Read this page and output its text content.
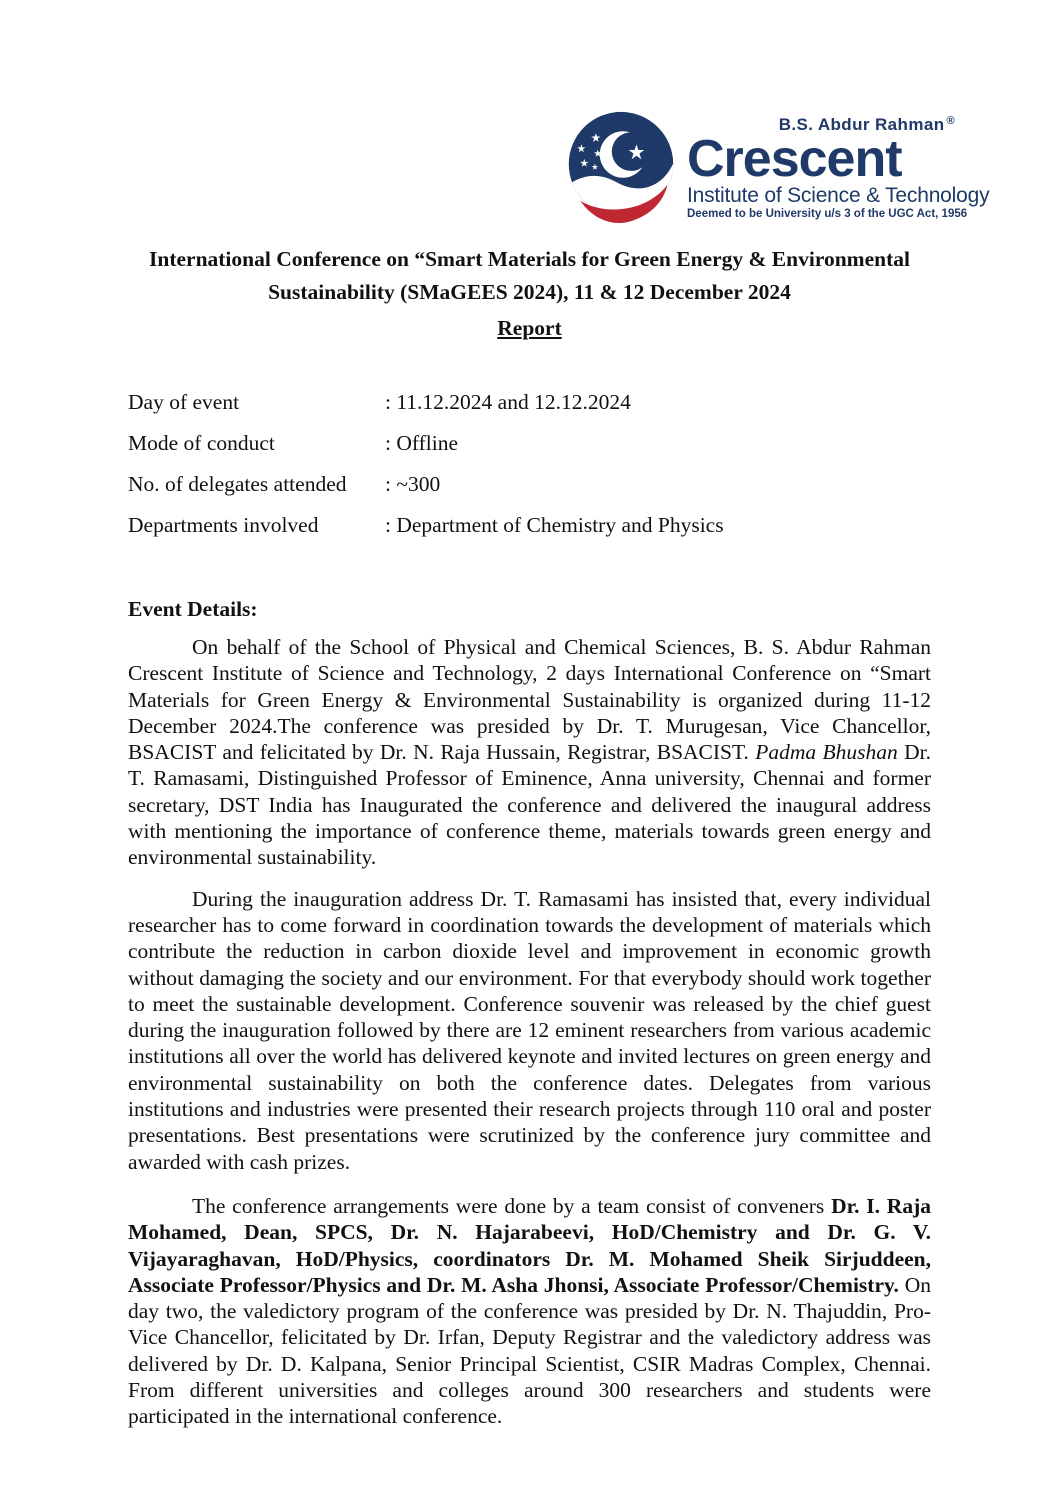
B.S. Abdur Rahman ®
Crescent
Institute of Science & Technology
Deemed to be University u/s 3 of the UGC Act, 1956
International Conference on “Smart Materials for Green Energy & Environmental
Sustainability (SMaGEES 2024), 11 & 12 December 2024
Report
Day of event	: 11.12.2024 and 12.12.2024
Mode of conduct	: Offline
No. of delegates attended	: ~300
Departments involved	: Department of Chemistry and Physics
Event Details:

On behalf of the School of Physical and Chemical Sciences, B. S. Abdur Rahman Crescent Institute of Science and Technology, 2 days International Conference on “Smart Materials for Green Energy & Environmental Sustainability is organized during 11-12 December 2024.The conference was presided by Dr. T. Murugesan, Vice Chancellor, BSACIST and felicitated by Dr. N. Raja Hussain, Registrar, BSACIST. Padma Bhushan Dr. T. Ramasami, Distinguished Professor of Eminence, Anna university, Chennai and former secretary, DST India has Inaugurated the conference and delivered the inaugural address with mentioning the importance of conference theme, materials towards green energy and environmental sustainability.

During the inauguration address Dr. T. Ramasami has insisted that, every individual researcher has to come forward in coordination towards the development of materials which contribute the reduction in carbon dioxide level and improvement in economic growth without damaging the society and our environment. For that everybody should work together to meet the sustainable development. Conference souvenir was released by the chief guest during the inauguration followed by there are 12 eminent researchers from various academic institutions all over the world has delivered keynote and invited lectures on green energy and environmental sustainability on both the conference dates. Delegates from various institutions and industries were presented their research projects through 110 oral and poster presentations. Best presentations were scrutinized by the conference jury committee and awarded with cash prizes.

The conference arrangements were done by a team consist of conveners Dr. I. Raja Mohamed, Dean, SPCS, Dr. N. Hajarabeevi, HoD/Chemistry and Dr. G. V. Vijayaraghavan, HoD/Physics, coordinators Dr. M. Mohamed Sheik Sirjuddeen, Associate Professor/Physics and Dr. M. Asha Jhonsi, Associate Professor/Chemistry. On day two, the valedictory program of the conference was presided by Dr. N. Thajuddin, Pro-Vice Chancellor, felicitated by Dr. Irfan, Deputy Registrar and the valedictory address was delivered by Dr. D. Kalpana, Senior Principal Scientist, CSIR Madras Complex, Chennai. From different universities and colleges around 300 researchers and students were participated in the international conference.
